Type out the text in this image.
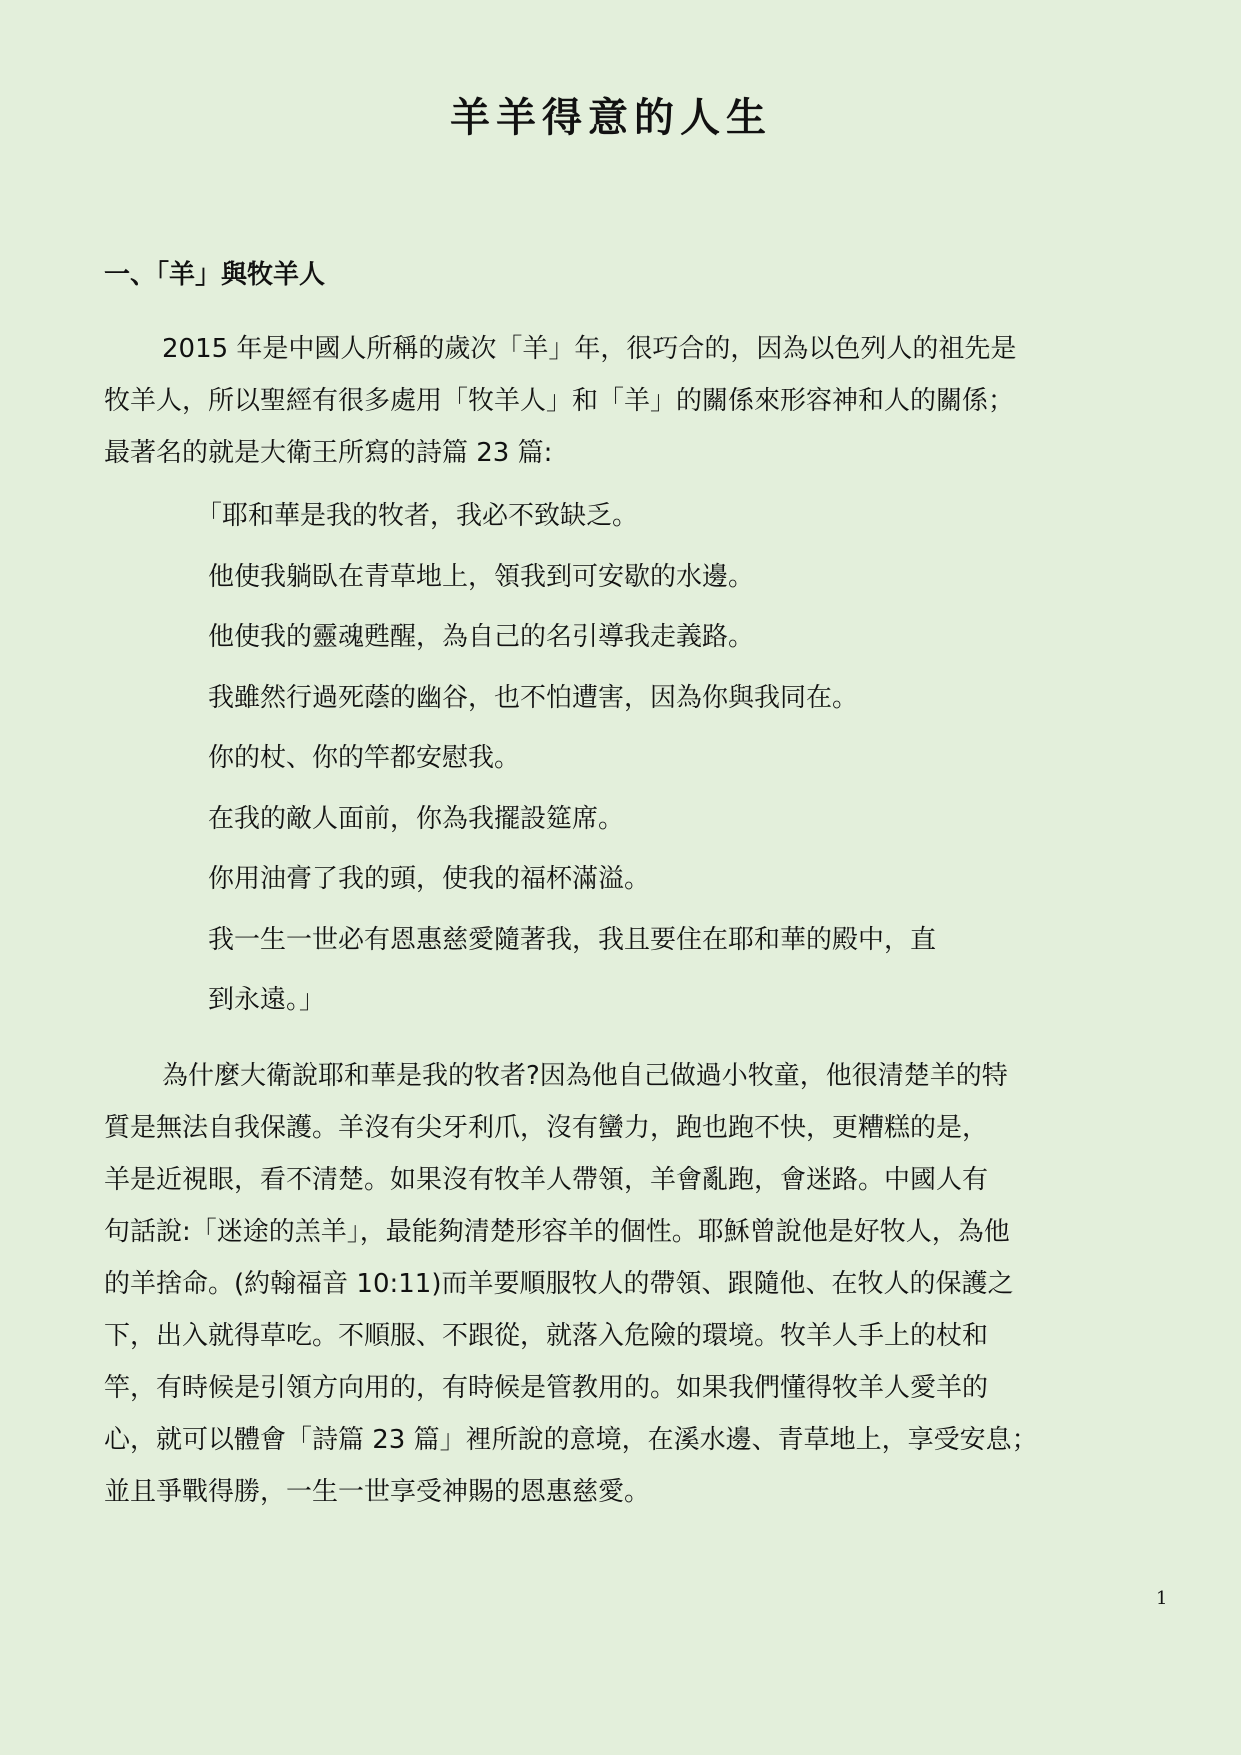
羊羊得意的人生
一、「羊」與牧羊人

2015 年是中國人所稱的歲次「羊」年，很巧合的，因為以色列人的祖先是
牧羊人，所以聖經有很多處用「牧羊人」和「羊」的關係來形容神和人的關係；
最著名的就是大衛王所寫的詩篇 23 篇:

「耶和華是我的牧者，我必不致缺乏。
他使我躺臥在青草地上，領我到可安歇的水邊。
他使我的靈魂甦醒，為自己的名引導我走義路。
我雖然行過死蔭的幽谷，也不怕遭害，因為你與我同在。
你的杖、你的竿都安慰我。
在我的敵人面前，你為我擺設筵席。
你用油膏了我的頭，使我的福杯滿溢。
我一生一世必有恩惠慈愛隨著我，我且要住在耶和華的殿中，直
到永遠。」

為什麼大衛說耶和華是我的牧者?因為他自己做過小牧童，他很清楚羊的特
質是無法自我保護。羊沒有尖牙利爪，沒有蠻力，跑也跑不快，更糟糕的是，
羊是近視眼，看不清楚。如果沒有牧羊人帶領，羊會亂跑，會迷路。中國人有
句話說:「迷途的羔羊」，最能夠清楚形容羊的個性。耶穌曾說他是好牧人，為他
的羊捨命。(約翰福音 10:11)而羊要順服牧人的帶領、跟隨他、在牧人的保護之
下，出入就得草吃。不順服、不跟從，就落入危險的環境。牧羊人手上的杖和
竿，有時候是引領方向用的，有時候是管教用的。如果我們懂得牧羊人愛羊的
心，就可以體會「詩篇 23 篇」裡所說的意境，在溪水邊、青草地上，享受安息；
並且爭戰得勝，一生一世享受神賜的恩惠慈愛。

1
